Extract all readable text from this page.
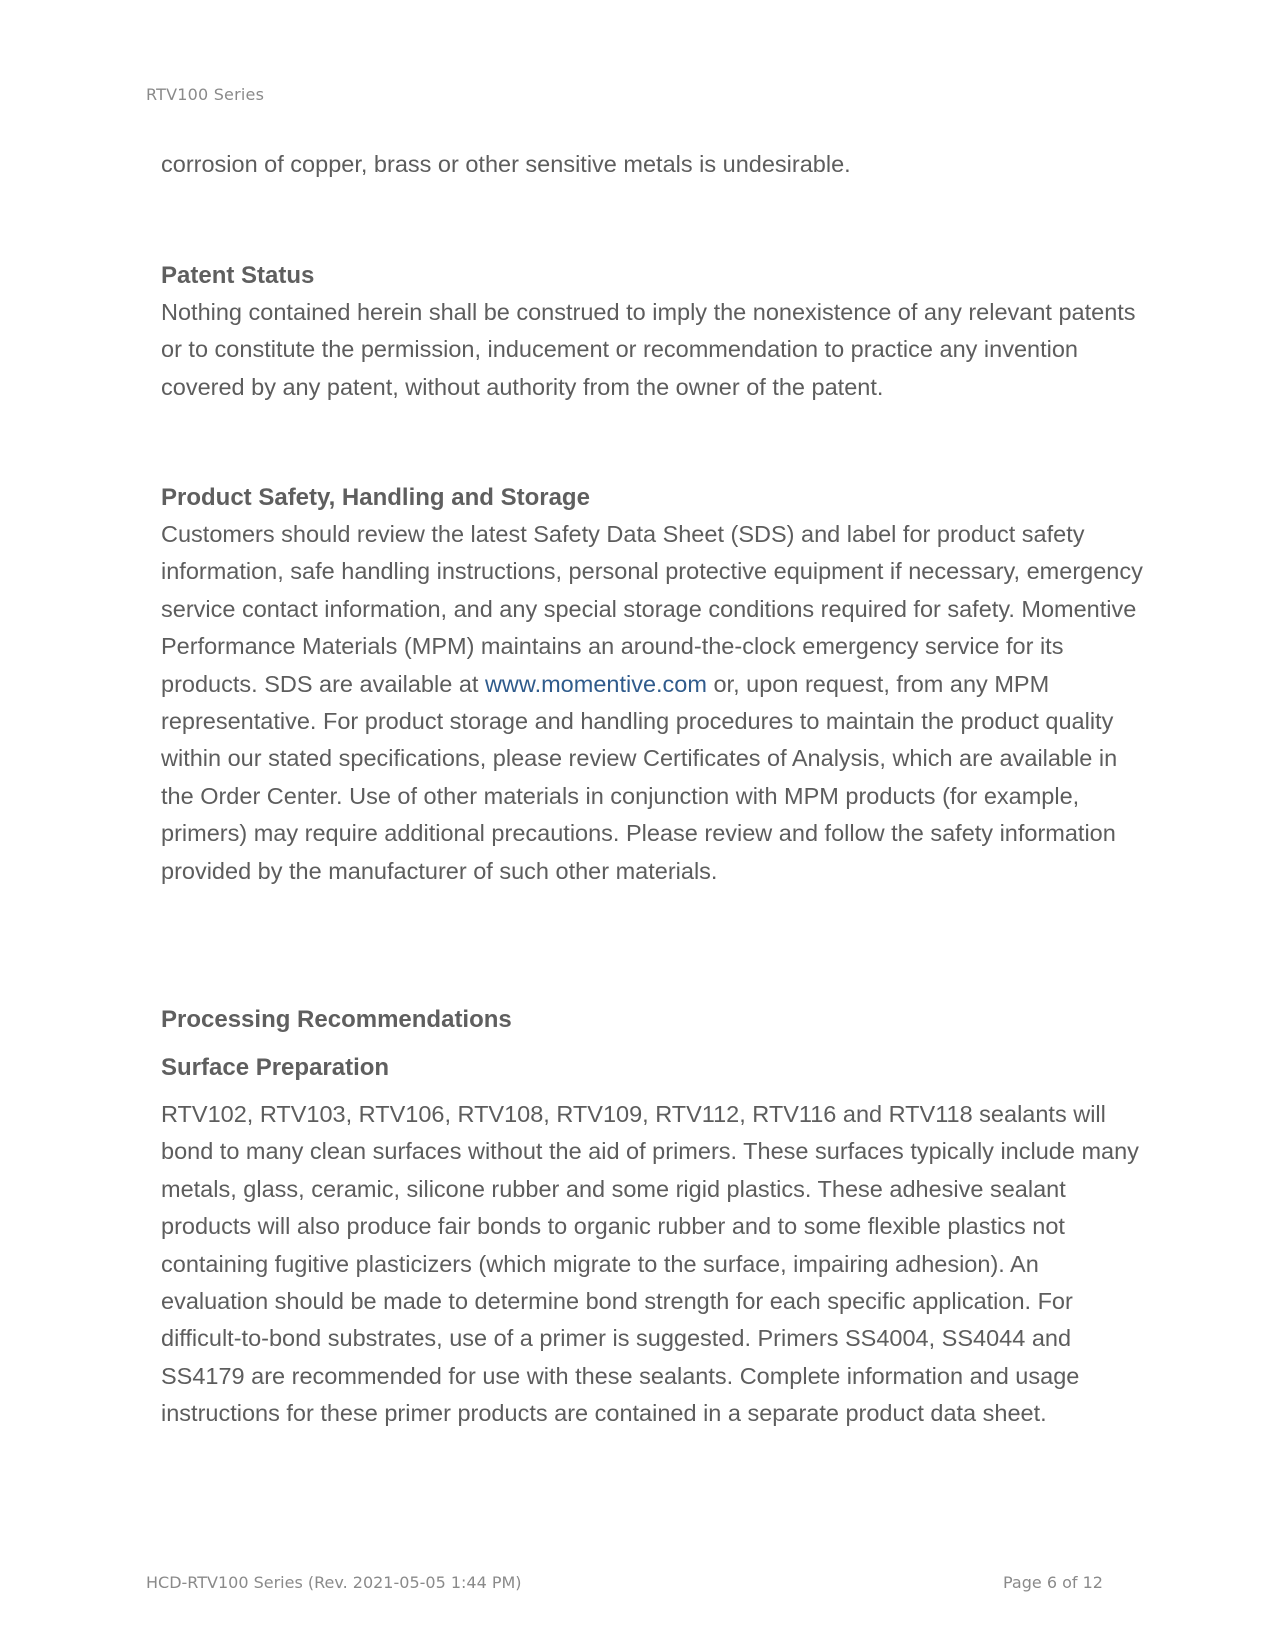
RTV100 Series

corrosion of copper, brass or other sensitive metals is undesirable.

Patent Status

Nothing contained herein shall be construed to imply the nonexistence of any relevant patents or to constitute the permission, inducement or recommendation to practice any invention covered by any patent, without authority from the owner of the patent.

Product Safety, Handling and Storage

Customers should review the latest Safety Data Sheet (SDS) and label for product safety information, safe handling instructions, personal protective equipment if necessary, emergency service contact information, and any special storage conditions required for safety. Momentive Performance Materials (MPM) maintains an around-the-clock emergency service for its products. SDS are available at www.momentive.com or, upon request, from any MPM representative. For product storage and handling procedures to maintain the product quality within our stated specifications, please review Certificates of Analysis, which are available in the Order Center. Use of other materials in conjunction with MPM products (for example, primers) may require additional precautions. Please review and follow the safety information provided by the manufacturer of such other materials.

Processing Recommendations
Surface Preparation

RTV102, RTV103, RTV106, RTV108, RTV109, RTV112, RTV116 and RTV118 sealants will bond to many clean surfaces without the aid of primers. These surfaces typically include many metals, glass, ceramic, silicone rubber and some rigid plastics. These adhesive sealant products will also produce fair bonds to organic rubber and to some flexible plastics not containing fugitive plasticizers (which migrate to the surface, impairing adhesion). An evaluation should be made to determine bond strength for each specific application. For difficult-to-bond substrates, use of a primer is suggested. Primers SS4004, SS4044 and SS4179 are recommended for use with these sealants. Complete information and usage instructions for these primer products are contained in a separate product data sheet.

HCD-RTV100 Series (Rev. 2021-05-05 1:44 PM)	Page 6 of 12
